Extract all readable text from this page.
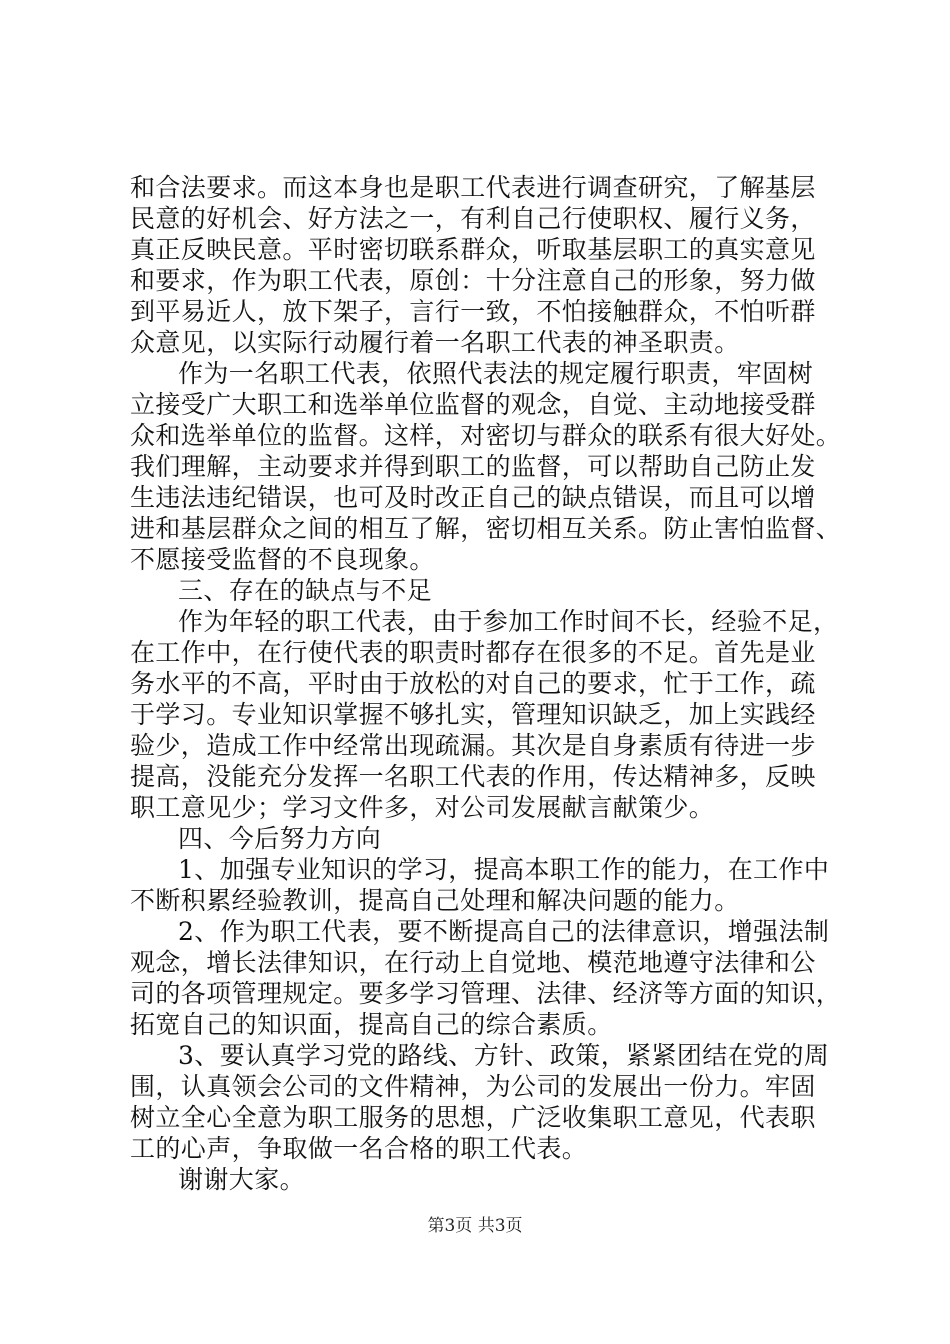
和合法要求。而这本身也是职工代表进行调查研究，了解基层
民意的好机会、好方法之一，有利自己行使职权、履行义务，
真正反映民意。平时密切联系群众，听取基层职工的真实意见
和要求，作为职工代表，原创：十分注意自己的形象，努力做
到平易近人，放下架子，言行一致，不怕接触群众，不怕听群
众意见，以实际行动履行着一名职工代表的神圣职责。
作为一名职工代表，依照代表法的规定履行职责，牢固树
立接受广大职工和选举单位监督的观念，自觉、主动地接受群
众和选举单位的监督。这样，对密切与群众的联系有很大好处。
我们理解，主动要求并得到职工的监督，可以帮助自己防止发
生违法违纪错误，也可及时改正自己的缺点错误，而且可以增
进和基层群众之间的相互了解，密切相互关系。防止害怕监督、
不愿接受监督的不良现象。
三、存在的缺点与不足
作为年轻的职工代表，由于参加工作时间不长，经验不足，
在工作中，在行使代表的职责时都存在很多的不足。首先是业
务水平的不高，平时由于放松的对自己的要求，忙于工作，疏
于学习。专业知识掌握不够扎实，管理知识缺乏，加上实践经
验少，造成工作中经常出现疏漏。其次是自身素质有待进一步
提高，没能充分发挥一名职工代表的作用，传达精神多，反映
职工意见少；学习文件多，对公司发展献言献策少。
四、今后努力方向
1、加强专业知识的学习，提高本职工作的能力，在工作中
不断积累经验教训，提高自己处理和解决问题的能力。
2、作为职工代表，要不断提高自己的法律意识，增强法制
观念，增长法律知识，在行动上自觉地、模范地遵守法律和公
司的各项管理规定。要多学习管理、法律、经济等方面的知识，
拓宽自己的知识面，提高自己的综合素质。
3、要认真学习党的路线、方针、政策，紧紧团结在党的周
围，认真领会公司的文件精神，为公司的发展出一份力。牢固
树立全心全意为职工服务的思想，广泛收集职工意见，代表职
工的心声，争取做一名合格的职工代表。
谢谢大家。
第3页 共3页
